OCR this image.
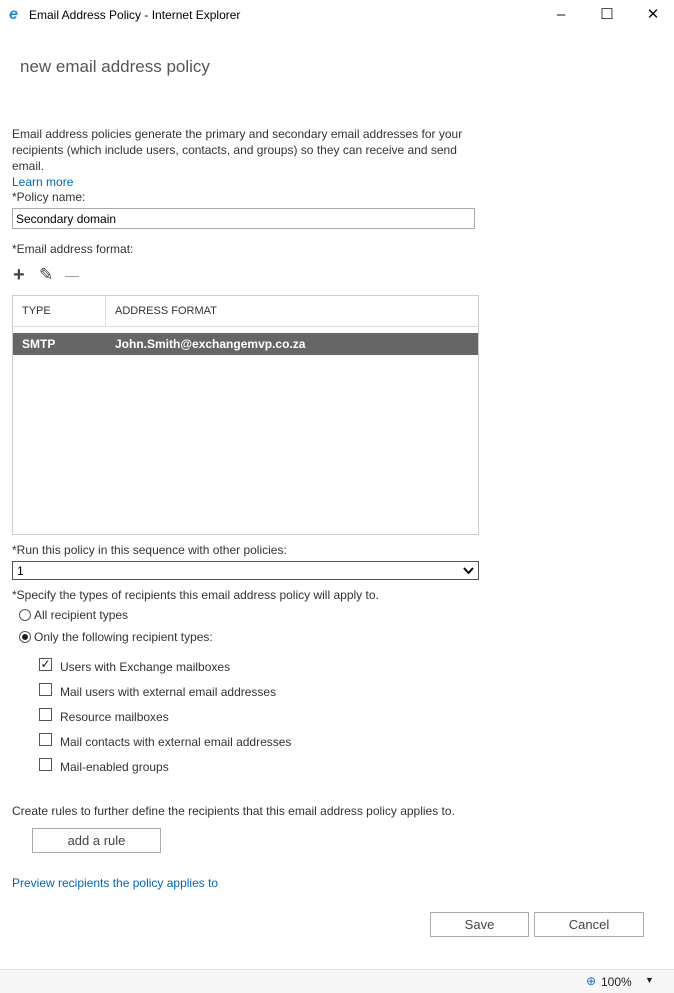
e Email Address Policy - Internet Explorer	–	☐	✕
new email address policy
Email address policies generate the primary and secondary email addresses for your recipients (which include users, contacts, and groups) so they can receive and send email.
Learn more
*Policy name:
Secondary domain
*Email address format:
+ ✎ —
TYPE	ADDRESS FORMAT
SMTP	John.Smith@exchangemvp.co.za
*Run this policy in this sequence with other policies:
1
*Specify the types of recipients this email address policy will apply to.
All recipient types
Only the following recipient types:
✓ Users with Exchange mailboxes
Mail users with external email addresses
Resource mailboxes
Mail contacts with external email addresses
Mail-enabled groups
Create rules to further define the recipients that this email address policy applies to.
add a rule
Preview recipients the policy applies to
Save	Cancel
⊕ 100% ▼
